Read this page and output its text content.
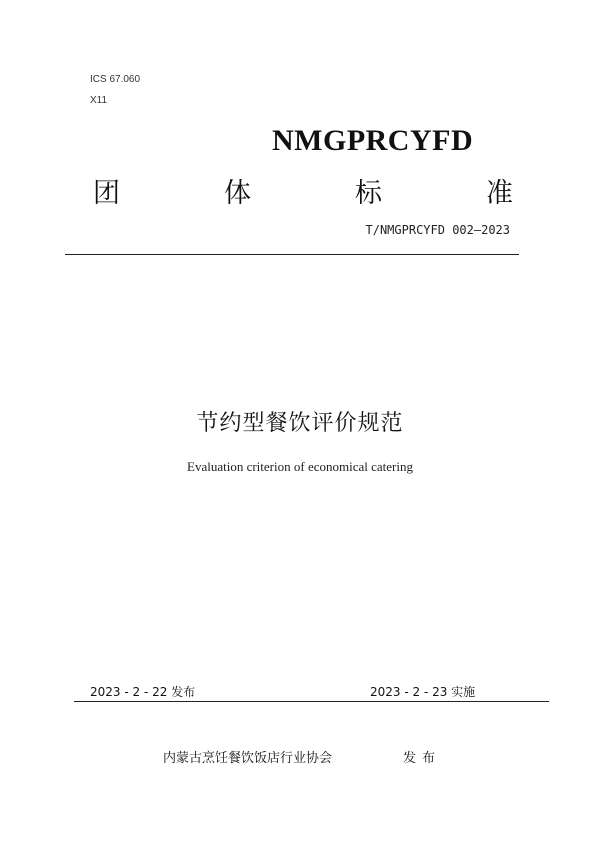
ICS 67.060
X11
NMGPRCYFD
团	体	标	准
T/NMGPRCYFD 002—2023
节约型餐饮评价规范
Evaluation criterion of economical catering
2023 - 2 - 22 发布	2023 - 2 - 23 实施
内蒙古烹饪餐饮饭店行业协会	发布
